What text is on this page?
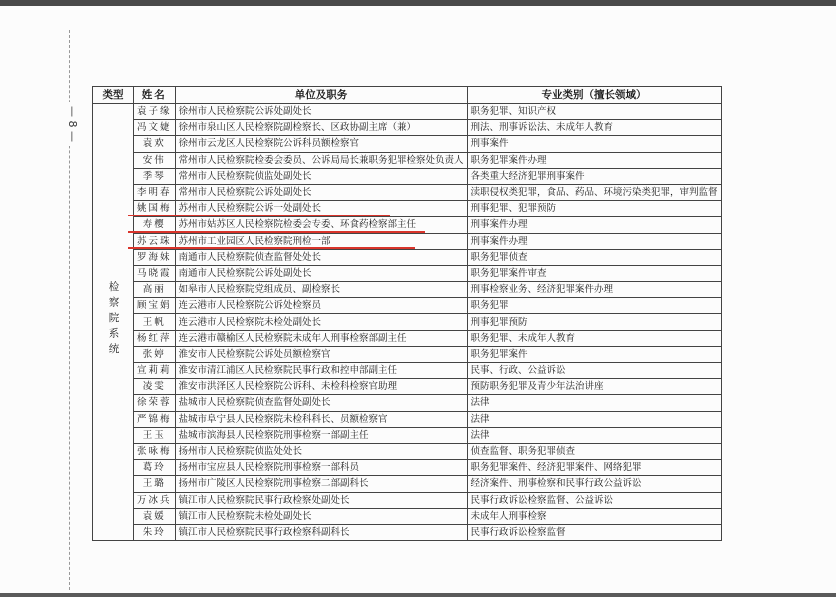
— 8 —
类型	姓名	单位及职务	专业类别（擅长领域）
检察院系统	袁子缘	徐州市人民检察院公诉处副处长	职务犯罪、知识产权
	冯文婕	徐州市泉山区人民检察院副检察长、区政协副主席（兼）	刑法、刑事诉讼法、未成年人教育
	袁欢	徐州市云龙区人民检察院公诉科员额检察官	刑事案件
	安伟	常州市人民检察院检委会委员、公诉局局长兼职务犯罪检察处负责人	职务犯罪案件办理
	季琴	常州市人民检察院侦监处副处长	各类重大经济犯罪刑事案件
	李明春	常州市人民检察院公诉处副处长	渎职侵权类犯罪，食品、药品、环境污染类犯罪，审判监督
	姚国梅	苏州市人民检察院公诉一处副处长	刑事犯罪、犯罪预防
	寿樱	苏州市姑苏区人民检察院检委会专委、环食药检察部主任	刑事案件办理
	苏云珠	苏州市工业园区人民检察院刑检一部	刑事案件办理
	罗海妹	南通市人民检察院侦查监督处处长	职务犯罪侦查
	马晓霞	南通市人民检察院公诉处副处长	职务犯罪案件审查
	高丽	如皋市人民检察院党组成员、副检察长	刑事检察业务、经济犯罪案件办理
	顾宝娟	连云港市人民检察院公诉处检察员	职务犯罪
	王帆	连云港市人民检察院未检处副处长	刑事犯罪预防
	杨红萍	连云港市赣榆区人民检察院未成年人刑事检察部副主任	职务犯罪、未成年人教育
	张婷	淮安市人民检察院公诉处员额检察官	职务犯罪案件
	宣莉莉	淮安市清江浦区人民检察院民事行政和控申部副主任	民事、行政、公益诉讼
	凌雯	淮安市洪泽区人民检察院公诉科、未检科检察官助理	预防职务犯罪及青少年法治讲座
	徐荣蓉	盐城市人民检察院侦查监督处副处长	法律
	严锦梅	盐城市阜宁县人民检察院未检科科长、员额检察官	法律
	王玉	盐城市滨海县人民检察院刑事检察一部副主任	法律
	张咏梅	扬州市人民检察院侦监处处长	侦查监督、职务犯罪侦查
	葛玲	扬州市宝应县人民检察院刑事检察一部科员	职务犯罪案件、经济犯罪案件、网络犯罪
	王璐	扬州市广陵区人民检察院刑事检察二部副科长	经济案件、刑事检察和民事行政公益诉讼
	万冰兵	镇江市人民检察院民事行政检察处副处长	民事行政诉讼检察监督、公益诉讼
	袁媛	镇江市人民检察院未检处副处长	未成年人刑事检察
	朱玲	镇江市人民检察院民事行政检察科副科长	民事行政诉讼检察监督
